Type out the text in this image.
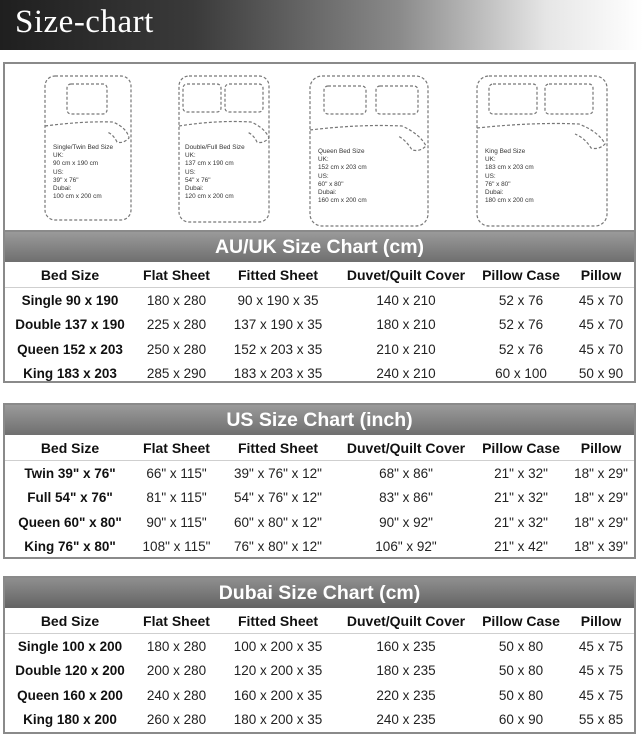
Size-chart
Single/Twin Bed Size
UK:
90 cm x 190 cm
US:
39" x 76"
Dubai:
100 cm x 200 cm
Double/Full Bed Size
UK:
137 cm x 190 cm
US:
54" x 76"
Dubai:
120 cm x 200 cm
Queen Bed Size
UK:
152 cm x 203 cm
US:
60" x 80"
Dubai:
160 cm x 200 cm
King Bed Size
UK:
183 cm x 203 cm
US:
76" x 80"
Dubai:
180 cm x 200 cm
AU/UK Size Chart (cm)
Bed Size	Flat Sheet	Fitted Sheet	Duvet/Quilt Cover	Pillow Case	Pillow
Single 90 x 190	180 x 280	90 x 190 x 35	140 x 210	52 x 76	45 x 70
Double 137 x 190	225 x 280	137 x 190 x 35	180 x 210	52 x 76	45 x 70
Queen 152 x 203	250 x 280	152 x 203 x 35	210 x 210	52 x 76	45 x 70
King 183 x 203	285 x 290	183 x 203 x 35	240 x 210	60 x 100	50 x 90
US Size Chart (inch)
Bed Size	Flat Sheet	Fitted Sheet	Duvet/Quilt Cover	Pillow Case	Pillow
Twin 39" x 76"	66" x 115"	39" x 76" x 12"	68" x 86"	21" x 32"	18" x 29"
Full 54" x 76"	81" x 115"	54" x 76" x 12"	83" x 86"	21" x 32"	18" x 29"
Queen 60" x 80"	90" x 115"	60" x 80" x 12"	90" x 92"	21" x 32"	18" x 29"
King 76" x 80"	108" x 115"	76" x 80" x 12"	106" x 92"	21" x 42"	18" x 39"
Dubai Size Chart (cm)
Bed Size	Flat Sheet	Fitted Sheet	Duvet/Quilt Cover	Pillow Case	Pillow
Single 100 x 200	180 x 280	100 x 200 x 35	160 x 235	50 x 80	45 x 75
Double 120 x 200	200 x 280	120 x 200 x 35	180 x 235	50 x 80	45 x 75
Queen 160 x 200	240 x 280	160 x 200 x 35	220 x 235	50 x 80	45 x 75
King 180 x 200	260 x 280	180 x 200 x 35	240 x 235	60 x 90	55 x 85
